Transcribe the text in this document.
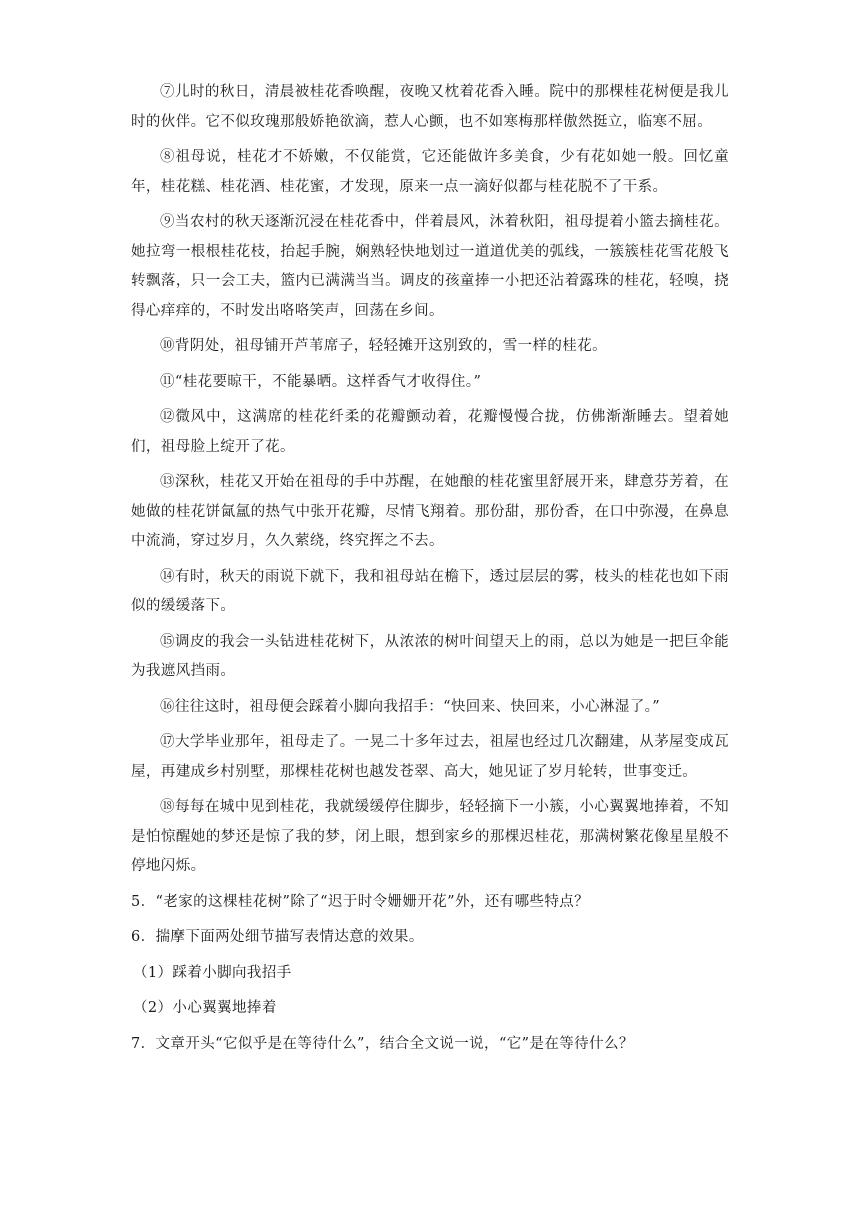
⑦儿时的秋日，清晨被桂花香唤醒，夜晚又枕着花香入睡。院中的那棵桂花树便是我儿时的伙伴。它不似玫瑰那般娇艳欲滴，惹人心颤，也不如寒梅那样傲然挺立，临寒不屈。

⑧祖母说，桂花才不娇嫩，不仅能赏，它还能做许多美食，少有花如她一般。回忆童年，桂花糕、桂花酒、桂花蜜，才发现，原来一点一滴好似都与桂花脱不了干系。

⑨当农村的秋天逐渐沉浸在桂花香中，伴着晨风，沐着秋阳，祖母提着小篮去摘桂花。她拉弯一根根桂花枝，抬起手腕，娴熟轻快地划过一道道优美的弧线，一簇簇桂花雪花般飞转飘落，只一会工夫，篮内已满满当当。调皮的孩童捧一小把还沾着露珠的桂花，轻嗅，挠得心痒痒的，不时发出咯咯笑声，回荡在乡间。

⑩背阴处，祖母铺开芦苇席子，轻轻摊开这别致的，雪一样的桂花。

⑪“桂花要晾干，不能暴晒。这样香气才收得住。”

⑫微风中，这满席的桂花纤柔的花瓣颤动着，花瓣慢慢合拢，仿佛渐渐睡去。望着她们，祖母脸上绽开了花。

⑬深秋，桂花又开始在祖母的手中苏醒，在她酿的桂花蜜里舒展开来，肆意芬芳着，在她做的桂花饼氤氲的热气中张开花瓣，尽情飞翔着。那份甜，那份香，在口中弥漫，在鼻息中流淌，穿过岁月，久久萦绕，终究挥之不去。

⑭有时，秋天的雨说下就下，我和祖母站在檐下，透过层层的雾，枝头的桂花也如下雨似的缓缓落下。

⑮调皮的我会一头钻进桂花树下，从浓浓的树叶间望天上的雨，总以为她是一把巨伞能为我遮风挡雨。

⑯往往这时，祖母便会踩着小脚向我招手：“快回来、快回来，小心淋湿了。”

⑰大学毕业那年，祖母走了。一晃二十多年过去，祖屋也经过几次翻建，从茅屋变成瓦屋，再建成乡村别墅，那棵桂花树也越发苍翠、高大，她见证了岁月轮转，世事变迁。

⑱每每在城中见到桂花，我就缓缓停住脚步，轻轻摘下一小簇，小心翼翼地捧着，不知是怕惊醒她的梦还是惊了我的梦，闭上眼，想到家乡的那棵迟桂花，那满树繁花像星星般不停地闪烁。

5．“老家的这棵桂花树”除了“迟于时令姗姗开花”外，还有哪些特点？

6．揣摩下面两处细节描写表情达意的效果。

（1）踩着小脚向我招手

（2）小心翼翼地捧着

7．文章开头“它似乎是在等待什么”，结合全文说一说，“它”是在等待什么？
